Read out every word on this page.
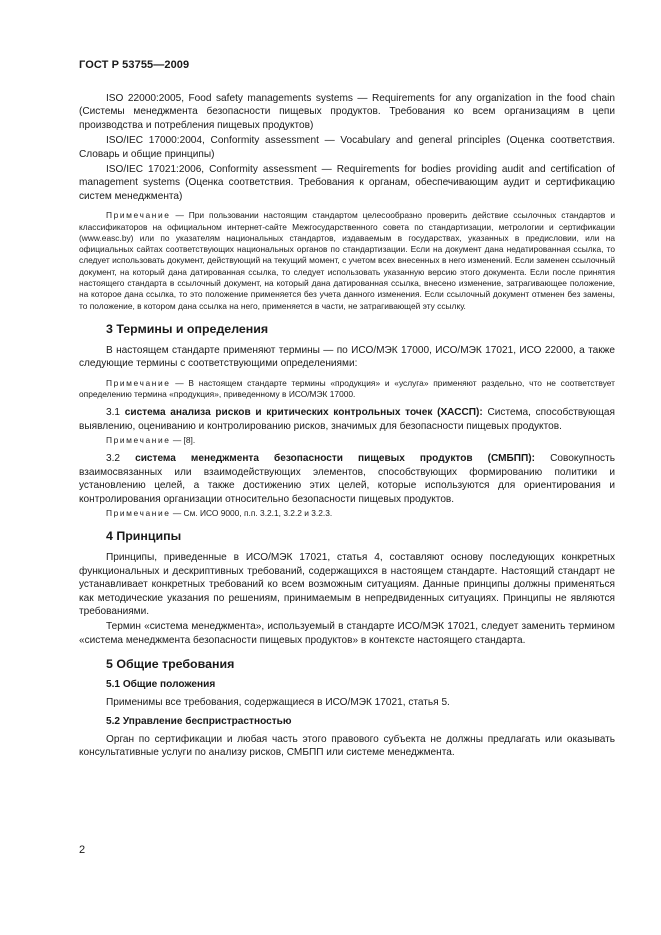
ГОСТ Р 53755—2009

ISO 22000:2005, Food safety managements systems — Requirements for any organization in the food chain (Системы менеджмента безопасности пищевых продуктов. Требования ко всем организациям в цепи производства и потребления пищевых продуктов)

ISO/IEC 17000:2004, Conformity assessment — Vocabulary and general principles (Оценка соответствия. Словарь и общие принципы)

ISO/IEC 17021:2006, Conformity assessment — Requirements for bodies providing audit and certification of management systems (Оценка соответствия. Требования к органам, обеспечивающим аудит и сертификацию систем менеджмента)

Примечание — При пользовании настоящим стандартом целесообразно проверить действие ссылочных стандартов и классификаторов на официальном интернет-сайте Межгосударственного совета по стандартизации, метрологии и сертификации (www.easc.by) или по указателям национальных стандартов, издаваемым в государствах, указанных в предисловии, или на официальных сайтах соответствующих национальных органов по стандартизации. Если на документ дана недатированная ссылка, то следует использовать документ, действующий на текущий момент, с учетом всех внесенных в него изменений. Если заменен ссылочный документ, на который дана датированная ссылка, то следует использовать указанную версию этого документа. Если после принятия настоящего стандарта в ссылочный документ, на который дана датированная ссылка, внесено изменение, затрагивающее положение, на которое дана ссылка, то это положение применяется без учета данного изменения. Если ссылочный документ отменен без замены, то положение, в котором дана ссылка на него, применяется в части, не затрагивающей эту ссылку.

3 Термины и определения

В настоящем стандарте применяют термины — по ИСО/МЭК 17000, ИСО/МЭК 17021, ИСО 22000, а также следующие термины с соответствующими определениями:

Примечание — В настоящем стандарте термины «продукция» и «услуга» применяют раздельно, что не соответствует определению термина «продукция», приведенному в ИСО/МЭК 17000.

3.1 система анализа рисков и критических контрольных точек (ХАССП): Система, способствующая выявлению, оцениванию и контролированию рисков, значимых для безопасности пищевых продуктов.

Примечание — [8].

3.2 система менеджмента безопасности пищевых продуктов (СМБПП): Совокупность взаимосвязанных или взаимодействующих элементов, способствующих формированию политики и установлению целей, а также достижению этих целей, которые используются для ориентирования и контролирования организации относительно безопасности пищевых продуктов.

Примечание — См. ИСО 9000, п.п. 3.2.1, 3.2.2 и 3.2.3.

4 Принципы

Принципы, приведенные в ИСО/МЭК 17021, статья 4, составляют основу последующих конкретных функциональных и дескриптивных требований, содержащихся в настоящем стандарте. Настоящий стандарт не устанавливает конкретных требований ко всем возможным ситуациям. Данные принципы должны применяться как методические указания по решениям, принимаемым в непредвиденных ситуациях. Принципы не являются требованиями.

Термин «система менеджмента», используемый в стандарте ИСО/МЭК 17021, следует заменить термином «система менеджмента безопасности пищевых продуктов» в контексте настоящего стандарта.

5 Общие требования
5.1 Общие положения

Применимы все требования, содержащиеся в ИСО/МЭК 17021, статья 5.

5.2 Управление беспристрастностью

Орган по сертификации и любая часть этого правового субъекта не должны предлагать или оказывать консультативные услуги по анализу рисков, СМБПП или системе менеджмента.

2
